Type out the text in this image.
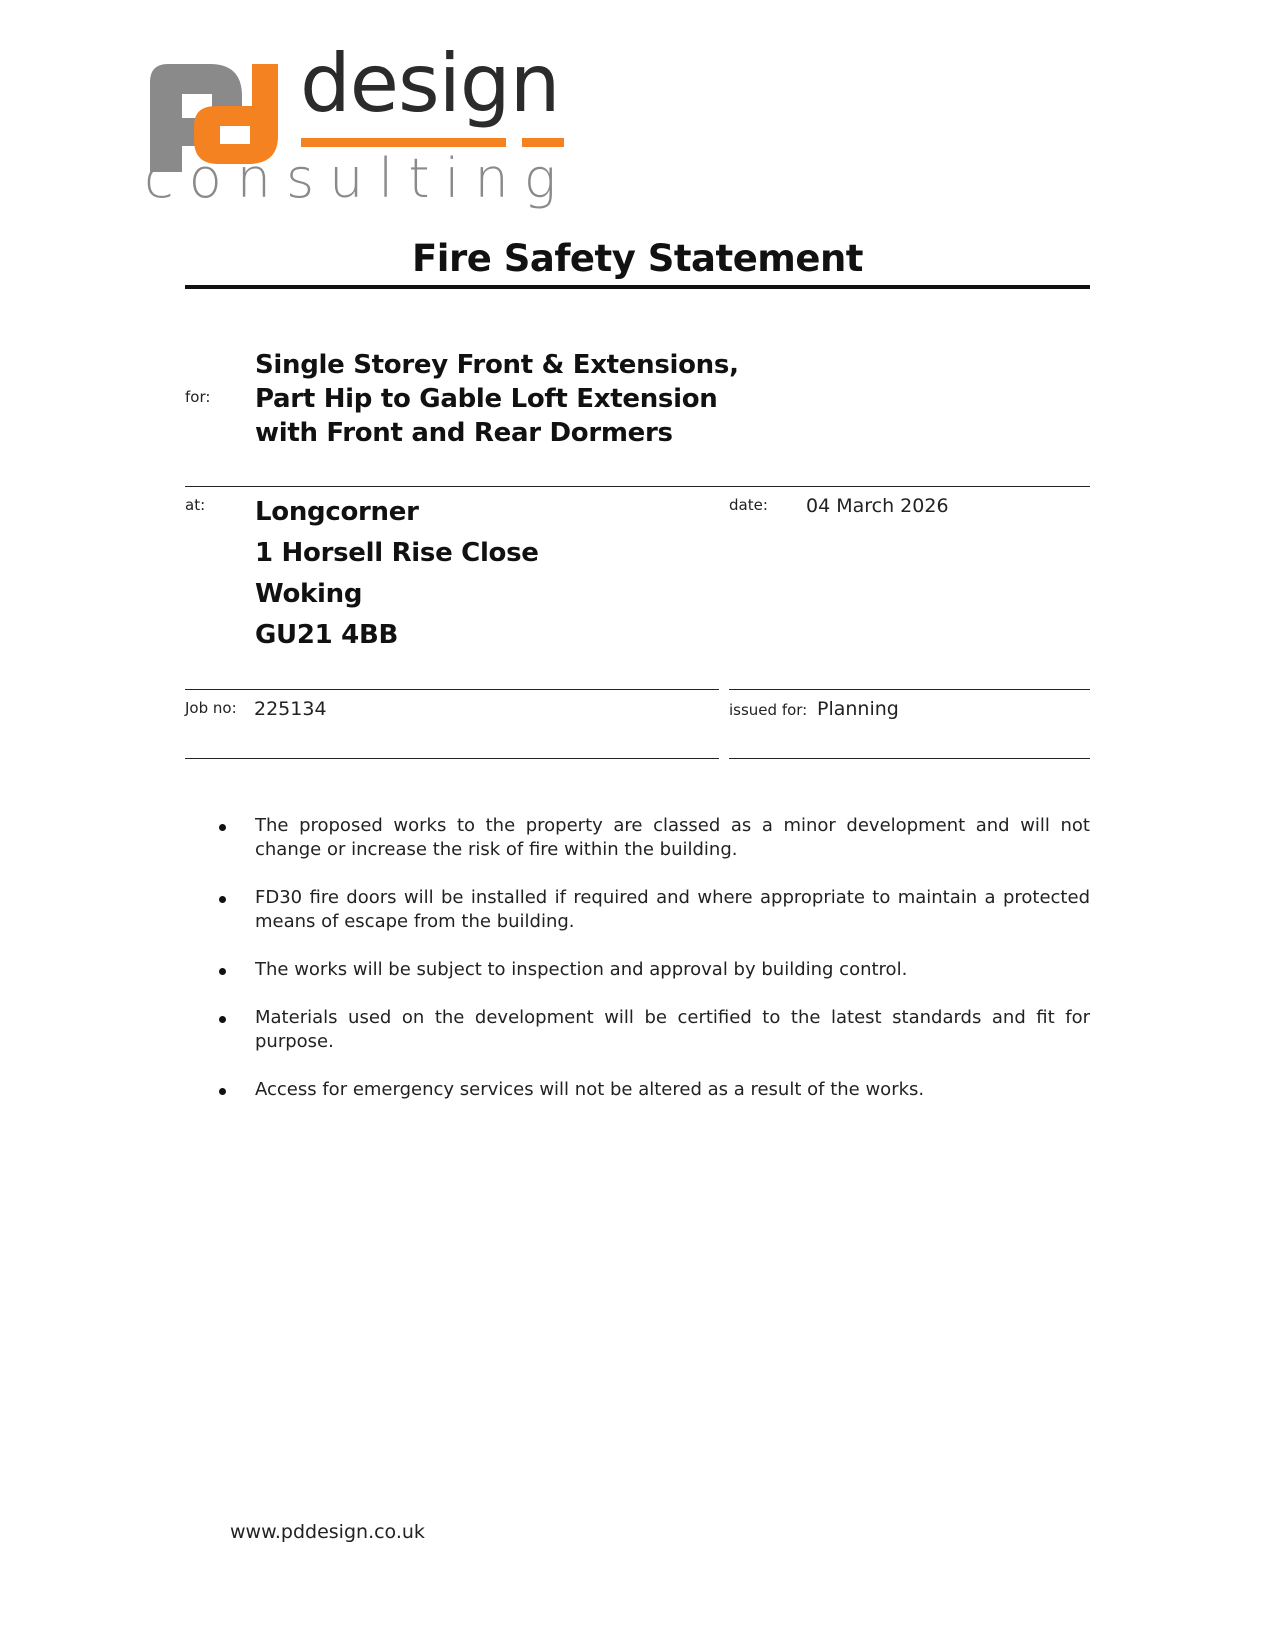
design
consulting
Fire Safety Statement
for:
Single Storey Front & Extensions,
Part Hip to Gable Loft Extension
with Front and Rear Dormers
at: Longcorner
1 Horsell Rise Close
Woking
GU21 4BB
date: 04 March 2026
Job no: 225134	issued for: Planning
The proposed works to the property are classed as a minor development and will not change or increase the risk of fire within the building.
FD30 fire doors will be installed if required and where appropriate to maintain a protected means of escape from the building.
The works will be subject to inspection and approval by building control.
Materials used on the development will be certified to the latest standards and fit for purpose.
Access for emergency services will not be altered as a result of the works.
www.pddesign.co.uk
